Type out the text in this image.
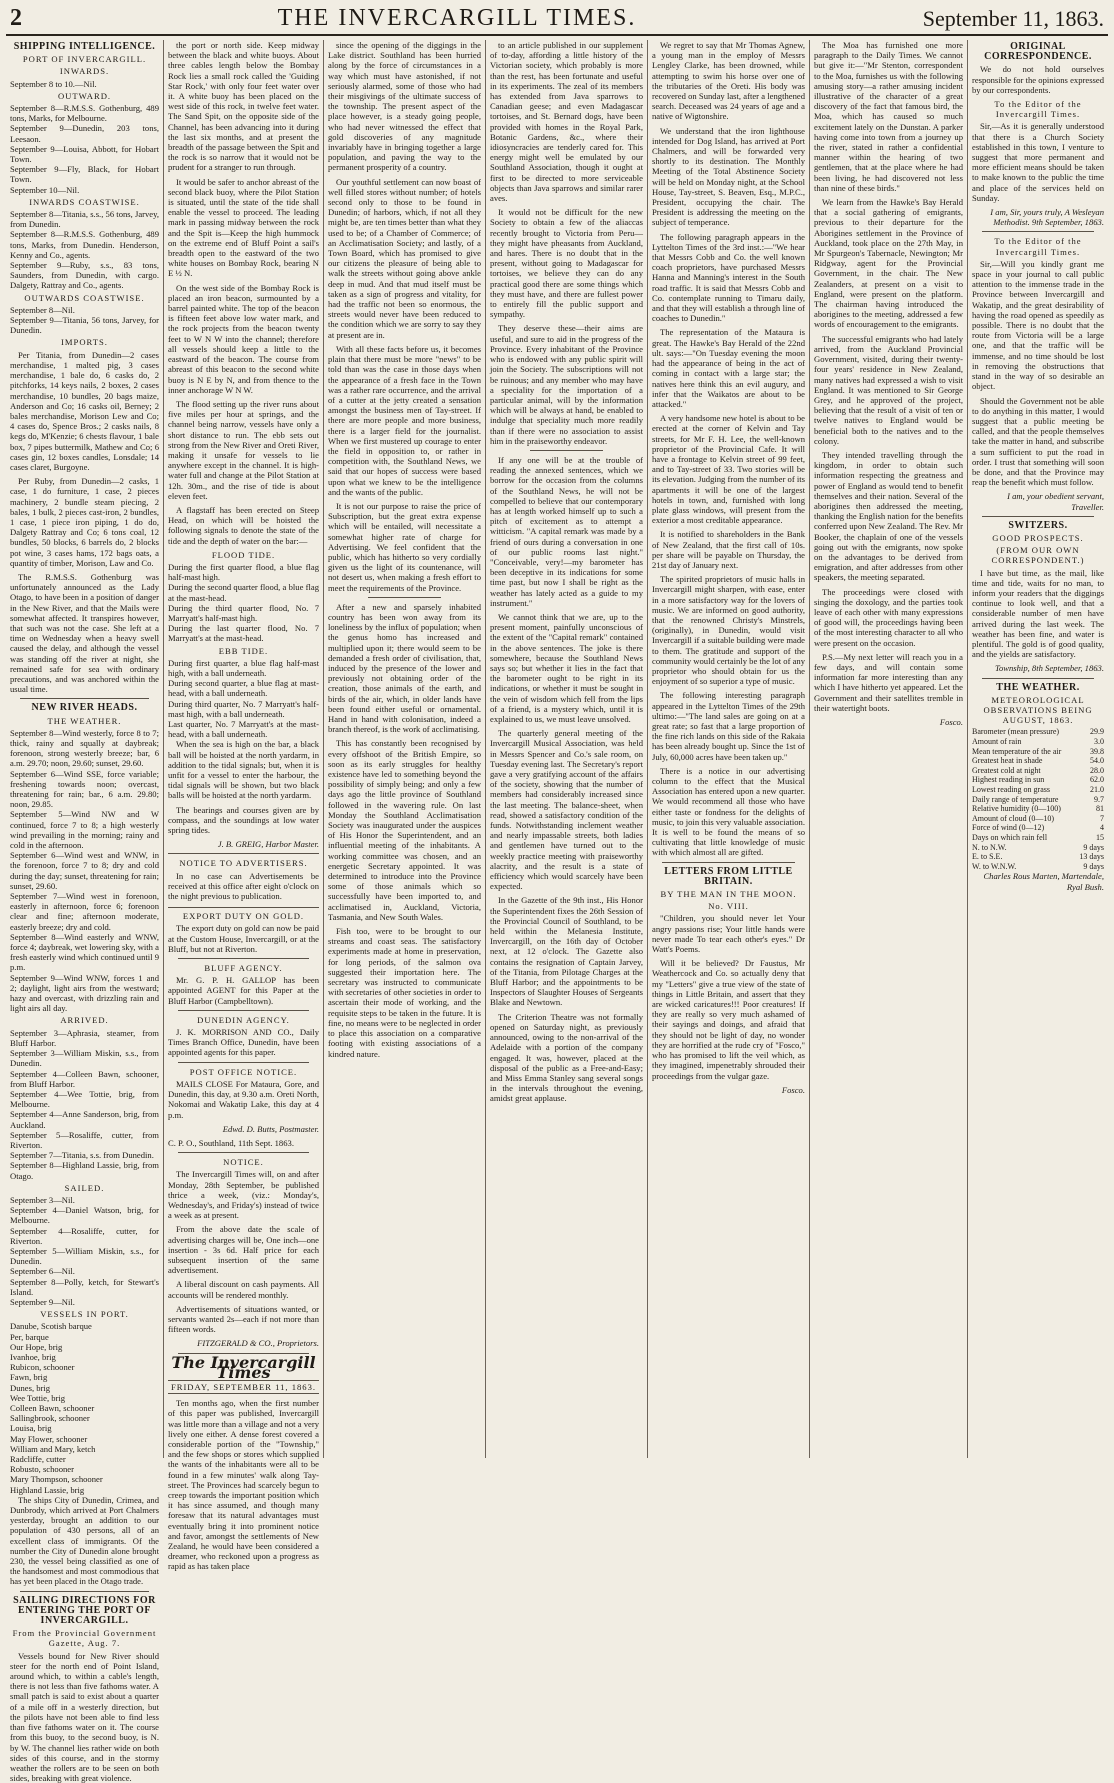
2	THE INVERCARGILL TIMES.	September 11, 1863.
SHIPPING INTELLIGENCE.
PORT OF INVERCARGILL.
INWARDS.

September 8 to 10.—Nil.

OUTWARD.

September 8—R.M.S.S. Gothenburg, 489 tons, Marks, for Melbourne.

September 9—Dunedin, 203 tons, Leesaon.

September 9—Louisa, Abbott, for Hobart Town.

September 9—Fly, Black, for Hobart Town.

September 10—Nil.

INWARDS COASTWISE.

September 8—Titania, s.s., 56 tons, Jarvey, from Dunedin.

September 8—R.M.S.S. Gothenburg, 489 tons, Marks, from Dunedin. Henderson, Kenny and Co., agents.

September 9—Ruby, s.s., 83 tons, Saunders, from Dunedin, with cargo. Dalgety, Rattray and Co., agents.

OUTWARDS COASTWISE.

September 8—Nil.

September 9—Titania, 56 tons, Jarvey, for Dunedin.

IMPORTS.

Per Titania, from Dunedin—2 cases merchandise, 1 malted pig, 3 cases merchandise, 1 bale do, 6 casks do, 2 pitchforks, 14 keys nails, 2 boxes, 2 cases merchandise, 10 bundles, 20 bags maize, Anderson and Co; 16 casks oil, Berney; 2 bales merchandise, Morison Lew and Co; 4 cases do, Spence Bros.; 2 casks nails, 8 kegs do, M'Kenzie; 6 chests flavour, 1 bale box, 7 pipes buttermilk, Mathew and Co; 6 cases gin, 12 boxes candles, Lonsdale; 14 cases claret, Burgoyne.

Per Ruby, from Dunedin—2 casks, 1 case, 1 do furniture, 1 case, 2 pieces machinery, 2 bundle steam piecing, 2 bales, 1 bulk, 2 pieces cast-iron, 2 bundles, 1 case, 1 piece iron piping, 1 do do, Dalgety Rattray and Co; 6 tons coal, 12 bundles, 50 blocks, 6 barrels do, 2 blocks pot wine, 3 cases hams, 172 bags oats, a quantity of timber, Morison, Law and Co.

The R.M.S.S. Gothenburg was unfortunately announced as the Lady Otago, to have been in a position of danger in the New River, and that the Mails were somewhat affected. It transpires however, that such was not the case. She left at a time on Wednesday when a heavy swell caused the delay, and although the vessel was standing off the river at night, she remained safe for sea with ordinary precautions, and was anchored within the usual time.

NEW RIVER HEADS.
THE WEATHER.

September 8—Wind westerly, force 8 to 7; thick, rainy and squally at daybreak; forenoon, strong westerly breeze; bar, 6 a.m. 29.70; noon, 29.60; sunset, 29.60.

September 6—Wind SSE, force variable; freshening towards noon; overcast, threatening for rain; bar., 6 a.m. 29.80; noon, 29.85.

September 5—Wind NW and W continued, force 7 to 8; a high westerly wind prevailing in the morning; rainy and cold in the afternoon.

September 6—Wind west and WNW, in the forenoon, force 7 to 8; dry and cold during the day; sunset, threatening for rain; sunset, 29.60.

September 7—Wind west in forenoon, easterly in afternoon, force 6; forenoon clear and fine; afternoon moderate, easterly breeze; dry and cold.

September 8—Wind easterly and WNW, force 4; daybreak, wet lowering sky, with a fresh easterly wind which continued until 9 p.m.

September 9—Wind WNW, forces 1 and 2; daylight, light airs from the westward; hazy and overcast, with drizzling rain and light airs all day.

ARRIVED.

September 3—Aphrasia, steamer, from Bluff Harbor.

September 3—William Miskin, s.s., from Dunedin.

September 4—Colleen Bawn, schooner, from Bluff Harbor.

September 4—Wee Tottie, brig, from Melbourne.

September 4—Anne Sanderson, brig, from Auckland.

September 5—Rosaliffe, cutter, from Riverton.

September 7—Titania, s.s. from Dunedin.

September 8—Highland Lassie, brig, from Otago.

SAILED.

September 3—Nil.

September 4—Daniel Watson, brig, for Melbourne.

September 4—Rosaliffe, cutter, for Riverton.

September 5—William Miskin, s.s., for Dunedin.

September 6—Nil.

September 8—Polly, ketch, for Stewart's Island.

September 9—Nil.

VESSELS IN PORT.

Danube, Scotish barque

Per, barque

Our Hope, brig

Ivanhoe, brig

Rubicon, schooner

Fawn, brig

Dunes, brig

Wee Tottie, brig

Colleen Bawn, schooner

Sallingbrook, schooner

Louisa, brig

May Flower, schooner

William and Mary, ketch

Radcliffe, cutter

Robusto, schooner

Mary Thompson, schooner

Highland Lassie, brig

The ships City of Dunedin, Crimea, and Dunbrody, which arrived at Port Chalmers yesterday, brought an addition to our population of 430 persons, all of an excellent class of immigrants. Of the number the City of Dunedin alone brought 230, the vessel being classified as one of the handsomest and most commodious that has yet been placed in the Otago trade.

SAILING DIRECTIONS FOR ENTERING THE PORT OF INVERCARGILL.
From the Provincial Government Gazette, Aug. 7.

Vessels bound for New River should steer for the north end of Point Island, around which, to within a cable's length, there is not less than five fathoms water. A small patch is said to exist about a quarter of a mile off in a westerly direction, but the pilots have not been able to find less than five fathoms water on it. The course from this buoy, to the second buoy, is N. by W. The channel lies rather wide on both sides of this course, and in the stormy weather the rollers are to be seen on both sides, breaking with great violence.

the port or north side. Keep midway between the black and white buoys. About three cables length below the Bombay Rock lies a small rock called the 'Guiding Star Rock,' with only four feet water over it. A white buoy has been placed on the west side of this rock, in twelve feet water. The Sand Spit, on the opposite side of the Channel, has been advancing into it during the last six months, and at present the breadth of the passage between the Spit and the rock is so narrow that it would not be prudent for a stranger to run through.

It would be safer to anchor abreast of the second black buoy, where the Pilot Station is situated, until the state of the tide shall enable the vessel to proceed. The leading mark in passing midway between the rock and the Spit is—Keep the high hummock on the extreme end of Bluff Point a sail's breadth open to the eastward of the two white houses on Bombay Rock, bearing N E ½ N.

On the west side of the Bombay Rock is placed an iron beacon, surmounted by a barrel painted white. The top of the beacon is fifteen feet above low water mark, and the rock projects from the beacon twenty feet to W N W into the channel; therefore all vessels should keep a little to the eastward of the beacon. The course from abreast of this beacon to the second white buoy is N E by N, and from thence to the inner anchorage W N W.

The flood setting up the river runs about five miles per hour at springs, and the channel being narrow, vessels have only a short distance to run. The ebb sets out strong from the New River and Oreti River, making it unsafe for vessels to lie anywhere except in the channel. It is high-water full and change at the Pilot Station at 12h. 30m., and the rise of tide is about eleven feet.

A flagstaff has been erected on Steep Head, on which will be hoisted the following signals to denote the state of the tide and the depth of water on the bar:—

FLOOD TIDE.

During the first quarter flood, a blue flag half-mast high.

During the second quarter flood, a blue flag at the mast-head.

During the third quarter flood, No. 7 Marryatt's half-mast high.

During the last quarter flood, No. 7 Marryatt's at the mast-head.

EBB TIDE.

During first quarter, a blue flag half-mast high, with a ball underneath.

During second quarter, a blue flag at mast-head, with a ball underneath.

During third quarter, No. 7 Marryatt's half-mast high, with a ball underneath.

Last quarter, No. 7 Marryatt's at the mast-head, with a ball underneath.

When the sea is high on the bar, a black ball will be hoisted at the north yardarm, in addition to the tidal signals; but, when it is unfit for a vessel to enter the harbour, the tidal signals will be shown, but two black balls will be hoisted at the north yardarm.

The bearings and courses given are by compass, and the soundings at low water spring tides.

J. B. GREIG, Harbor Master.

NOTICE TO ADVERTISERS.

In no case can Advertisements be received at this office after eight o'clock on the night previous to publication.

EXPORT DUTY ON GOLD.

The export duty on gold can now be paid at the Custom House, Invercargill, or at the Bluff, but not at Riverton.

BLUFF AGENCY.

Mr. G. P. H. GALLOP has been appointed AGENT for this Paper at the Bluff Harbor (Campbelltown).

DUNEDIN AGENCY.

J. K. MORRISON AND CO., Daily Times Branch Office, Dunedin, have been appointed agents for this paper.

POST OFFICE NOTICE.

MAILS CLOSE For Mataura, Gore, and Dunedin, this day, at 9.30 a.m. Oreti North, Nokomai and Wakatip Lake, this day at 4 p.m.

Edwd. D. Butts, Postmaster.

C. P. O., Southland, 11th Sept. 1863.

NOTICE.

The Invercargill Times will, on and after Monday, 28th September, be published thrice a week, (viz.: Monday's, Wednesday's, and Friday's) instead of twice a week as at present.

From the above date the scale of advertising charges will be, One inch—one insertion - 3s 6d. Half price for each subsequent insertion of the same advertisement.

A liberal discount on cash payments. All accounts will be rendered monthly.

Advertisements of situations wanted, or servants wanted 2s—each if not more than fifteen words.

FITZGERALD & CO., Proprietors.

The Invercargill Times
FRIDAY, SEPTEMBER 11, 1863.

Ten months ago, when the first number of this paper was published, Invercargill was little more than a village and not a very lively one either. A dense forest covered a considerable portion of the "Township," and the few shops or stores which supplied the wants of the inhabitants were all to be found in a few minutes' walk along Tay-street. The Provinces had scarcely begun to creep towards the important position which it has since assumed, and though many foresaw that its natural advantages must eventually bring it into prominent notice and favor, amongst the settlements of New Zealand, he would have been considered a dreamer, who reckoned upon a progress as rapid as has taken place

since the opening of the diggings in the Lake district. Southland has been hurried along by the force of circumstances in a way which must have astonished, if not seriously alarmed, some of those who had their misgivings of the ultimate success of the township. The present aspect of the place however, is a steady going people, who had never witnessed the effect that gold discoveries of any magnitude invariably have in bringing together a large population, and paving the way to the permanent prosperity of a country.

Our youthful settlement can now boast of well filled stores without number; of hotels second only to those to be found in Dunedin; of harbors, which, if not all they might be, are ten times better than what they used to be; of a Chamber of Commerce; of an Acclimatisation Society; and lastly, of a Town Board, which has promised to give our citizens the pleasure of being able to walk the streets without going above ankle deep in mud. And that mud itself must be taken as a sign of progress and vitality, for had the traffic not been so enormous, the streets would never have been reduced to the condition which we are sorry to say they at present are in.

With all these facts before us, it becomes plain that there must be more "news" to be told than was the case in those days when the appearance of a fresh face in the Town was a rather rare occurrence, and the arrival of a cutter at the jetty created a sensation amongst the business men of Tay-street. If there are more people and more business, there is a larger field for the journalist. When we first mustered up courage to enter the field in opposition to, or rather in competition with, the Southland News, we said that our hopes of success were based upon what we knew to be the intelligence and the wants of the public.

It is not our purpose to raise the price of Subscription, but the great extra expense which will be entailed, will necessitate a somewhat higher rate of charge for Advertising. We feel confident that the public, which has hitherto so very cordially given us the light of its countenance, will not desert us, when making a fresh effort to meet the requirements of the Province.

After a new and sparsely inhabited country has been won away from its loneliness by the influx of population; when the genus homo has increased and multiplied upon it; there would seem to be demanded a fresh order of civilisation, that, induced by the presence of the lower and previously not obtaining order of the creation, those animals of the earth, and birds of the air, which, in older lands have been found either useful or ornamental. Hand in hand with colonisation, indeed a branch thereof, is the work of acclimatising.

This has constantly been recognised by every offshoot of the British Empire, so soon as its early struggles for healthy existence have led to something beyond the possibility of simply being; and only a few days ago the little province of Southland followed in the wavering rule. On last Monday the Southland Acclimatisation Society was inaugurated under the auspices of His Honor the Superintendent, and an influential meeting of the inhabitants. A working committee was chosen, and an energetic Secretary appointed. It was determined to introduce into the Province some of those animals which so successfully have been imported to, and acclimatised in, Auckland, Victoria, Tasmania, and New South Wales.

Fish too, were to be brought to our streams and coast seas. The satisfactory experiments made at home in preservation, for long periods, of the salmon ova suggested their importation here. The secretary was instructed to communicate with secretaries of other societies in order to ascertain their mode of working, and the requisite steps to be taken in the future. It is fine, no means were to be neglected in order to place this association on a comparative footing with existing associations of a kindred nature.

to an article published in our supplement of to-day, affording a little history of the Victorian society, which probably is more than the rest, has been fortunate and useful in its experiments. The zeal of its members has extended from Java sparrows to Canadian geese; and even Madagascar tortoises, and St. Bernard dogs, have been provided with homes in the Royal Park, Botanic Gardens, &c., where their idiosyncracies are tenderly cared for. This energy might well be emulated by our Southland Association, though it ought at first to be directed to more serviceable objects than Java sparrows and similar rarer aves.

It would not be difficult for the new Society to obtain a few of the aliaccas recently brought to Victoria from Peru—they might have pheasants from Auckland, and hares. There is no doubt that in the present, without going to Madagascar for tortoises, we believe they can do any practical good there are some things which they must have, and there are fullest power to entirely fill the public support and sympathy.

They deserve these—their aims are useful, and sure to aid in the progress of the Province. Every inhabitant of the Province who is endowed with any public spirit will join the Society. The subscriptions will not be ruinous; and any member who may have a speciality for the importation of a particular animal, will by the information which will be always at hand, be enabled to indulge that speciality much more readily than if there were no association to assist him in the praiseworthy endeavor.

If any one will be at the trouble of reading the annexed sentences, which we borrow for the occasion from the columns of the Southland News, he will not be compelled to believe that our contemporary has at length worked himself up to such a pitch of excitement as to attempt a witticism. "A capital remark was made by a friend of ours during a conversation in one of our public rooms last night." "Conceivable, very!—my barometer has been deceptive in its indications for some time past, but now I shall be right as the weather has lately acted as a guide to my instrument."

We cannot think that we are, up to the present moment, painfully unconscious of the extent of the "Capital remark" contained in the above sentences. The joke is there somewhere, because the Southland News says so; but whether it lies in the fact that the barometer ought to be right in its indications, or whether it must be sought in the vein of wisdom which fell from the lips of a friend, is a mystery which, until it is explained to us, we must leave unsolved.

The quarterly general meeting of the Invercargill Musical Association, was held in Messrs Spencer and Co.'s sale room, on Tuesday evening last. The Secretary's report gave a very gratifying account of the affairs of the society, showing that the number of members had considerably increased since the last meeting. The balance-sheet, when read, showed a satisfactory condition of the funds. Notwithstanding inclement weather and nearly impassable streets, both ladies and gentlemen have turned out to the weekly practice meeting with praiseworthy alacrity, and the result is a state of efficiency which would scarcely have been expected.

In the Gazette of the 9th inst., His Honor the Superintendent fixes the 26th Session of the Provincial Council of Southland, to be held within the Melanesia Institute, Invercargill, on the 16th day of October next, at 12 o'clock. The Gazette also contains the resignation of Captain Jarvey, of the Titania, from Pilotage Charges at the Bluff Harbor; and the appointments to be Inspectors of Slaughter Houses of Sergeants Blake and Newtown.

The Criterion Theatre was not formally opened on Saturday night, as previously announced, owing to the non-arrival of the Adelaide with a portion of the company engaged. It was, however, placed at the disposal of the public as a Free-and-Easy; and Miss Emma Stanley sang several songs in the intervals throughout the evening, amidst great applause.

We regret to say that Mr Thomas Agnew, a young man in the employ of Messrs Lengley Clarke, has been drowned, while attempting to swim his horse over one of the tributaries of the Oreti. His body was recovered on Sunday last, after a lengthened search. Deceased was 24 years of age and a native of Wigtonshire.

We understand that the iron lighthouse intended for Dog Island, has arrived at Port Chalmers, and will be forwarded very shortly to its destination. The Monthly Meeting of the Total Abstinence Society will be held on Monday night, at the School House, Tay-street, S. Beaven, Esq., M.P.C., President, occupying the chair. The President is addressing the meeting on the subject of temperance.

The following paragraph appears in the Lyttelton Times of the 3rd inst.:—"We hear that Messrs Cobb and Co. the well known coach proprietors, have purchased Messrs Hanna and Manning's interest in the South road traffic. It is said that Messrs Cobb and Co. contemplate running to Timaru daily, and that they will establish a through line of coaches to Dunedin."

The representation of the Mataura is great. The Hawke's Bay Herald of the 22nd ult. says:—"On Tuesday evening the moon had the appearance of being in the act of coming in contact with a large star; the natives here think this an evil augury, and infer that the Waikatos are about to be attacked."

A very handsome new hotel is about to be erected at the corner of Kelvin and Tay streets, for Mr F. H. Lee, the well-known proprietor of the Provincial Cafe. It will have a frontage to Kelvin street of 99 feet, and to Tay-street of 33. Two stories will be its elevation. Judging from the number of its apartments it will be one of the largest hotels in town, and, furnished with long plate glass windows, will present from the exterior a most creditable appearance.

It is notified to shareholders in the Bank of New Zealand, that the first call of 10s. per share will be payable on Thursday, the 21st day of January next.

The spirited proprietors of music halls in Invercargill might sharpen, with ease, enter in a more satisfactory way for the lovers of music. We are informed on good authority, that the renowned Christy's Minstrels, (originally), in Dunedin, would visit Invercargill if a suitable building were made to them. The gratitude and support of the community would certainly be the lot of any proprietor who should obtain for us the enjoyment of so superior a type of music.

The following interesting paragraph appeared in the Lyttelton Times of the 29th ultimo:—"The land sales are going on at a great rate; so fast that a large proportion of the fine rich lands on this side of the Rakaia has been already bought up. Since the 1st of July, 60,000 acres have been taken up."

There is a notice in our advertising column to the effect that the Musical Association has entered upon a new quarter. We would recommend all those who have either taste or fondness for the delights of music, to join this very valuable association. It is well to be found the means of so cultivating that little knowledge of music with which almost all are gifted.

LETTERS FROM LITTLE BRITAIN.
BY THE MAN IN THE MOON.
No. VIII.

"Children, you should never let Your angry passions rise; Your little hands were never made To tear each other's eyes." Dr Watt's Poems.

Will it be believed? Dr Faustus, Mr Weathercock and Co. so actually deny that my "Letters" give a true view of the state of things in Little Britain, and assert that they are wicked caricatures!!! Poor creatures! If they are really so very much ashamed of their sayings and doings, and afraid that they should not be light of day, no wonder they are horrified at the rude cry of "Fosco," who has promised to lift the veil which, as they imagined, impenetrably shrouded their proceedings from the vulgar gaze.

Fosco.

The Moa has furnished one more paragraph to the Daily Times. We cannot but give it:—"Mr Stenton, correspondent to the Moa, furnishes us with the following amusing story—a rather amusing incident illustrative of the character of a great discovery of the fact that famous bird, the Moa, which has caused so much excitement lately on the Dunstan. A parker having come into town from a journey up the river, stated in rather a confidential manner within the hearing of two gentlemen, that at the place where he had been living, he had discovered not less than nine of these birds."

We learn from the Hawke's Bay Herald that a social gathering of emigrants, previous to their departure for the Aborigines settlement in the Province of Auckland, took place on the 27th May, in Mr Spurgeon's Tabernacle, Newington; Mr Ridgway, agent for the Provincial Government, in the chair. The New Zealanders, at present on a visit to England, were present on the platform. The chairman having introduced the aborigines to the meeting, addressed a few words of encouragement to the emigrants.

The successful emigrants who had lately arrived, from the Auckland Provincial Government, visited, during their twenty-four years' residence in New Zealand, many natives had expressed a wish to visit England. It was mentioned to Sir George Grey, and he approved of the project, believing that the result of a visit of ten or twelve natives to England would be beneficial both to the natives and to the colony.

They intended travelling through the kingdom, in order to obtain such information respecting the greatness and power of England as would tend to benefit themselves and their nation. Several of the aborigines then addressed the meeting, thanking the English nation for the benefits conferred upon New Zealand. The Rev. Mr Booker, the chaplain of one of the vessels going out with the emigrants, now spoke on the advantages to be derived from emigration, and after addresses from other speakers, the meeting separated.

The proceedings were closed with singing the doxology, and the parties took leave of each other with many expressions of good will, the proceedings having been of the most interesting character to all who were present on the occasion.

P.S.—My next letter will reach you in a few days, and will contain some information far more interesting than any which I have hitherto yet appeared. Let the Government and their satellites tremble in their watertight boots.

Fosco.

ORIGINAL CORRESPONDENCE.

We do not hold ourselves responsible for the opinions expressed by our correspondents.

To the Editor of the Invercargill Times.

Sir,—As it is generally understood that there is a Church Society established in this town, I venture to suggest that more permanent and more efficient means should be taken to make known to the public the time and place of the services held on Sunday.

I am, Sir, yours truly, A Wesleyan Methodist. 9th September, 1863.

To the Editor of the Invercargill Times.

Sir,—Will you kindly grant me space in your journal to call public attention to the immense trade in the Province between Invercargill and Wakatip, and the great desirability of having the road opened as speedily as possible. There is no doubt that the route from Victoria will be a large one, and that the traffic will be immense, and no time should be lost in removing the obstructions that stand in the way of so desirable an object.

Should the Government not be able to do anything in this matter, I would suggest that a public meeting be called, and that the people themselves take the matter in hand, and subscribe a sum sufficient to put the road in order. I trust that something will soon be done, and that the Province may reap the benefit which must follow.

I am, your obedient servant, Traveller.

SWITZERS.
GOOD PROSPECTS.
(FROM OUR OWN CORRESPONDENT.)

I have but time, as the mail, like time and tide, waits for no man, to inform your readers that the diggings continue to look well, and that a considerable number of men have arrived during the last week. The weather has been fine, and water is plentiful. The gold is of good quality, and the yields are satisfactory.

Township, 8th September, 1863.

THE WEATHER.
METEOROLOGICAL OBSERVATIONS BEING AUGUST, 1863.
Barometer (mean pressure)	29.9
Amount of rain	3.0
Mean temperature of the air	39.8
Greatest heat in shade	54.0
Greatest cold at night	28.0
Highest reading in sun	62.0
Lowest reading on grass	21.0
Daily range of temperature	9.7
Relative humidity (0—100)	81
Amount of cloud (0—10)	7
Force of wind (0—12)	4
Days on which rain fell	15
N. to N.W.	9 days
E. to S.E.	13 days
W. to W.N.W.	9 days

Charles Rous Marten, Martendale, Ryal Bush.
